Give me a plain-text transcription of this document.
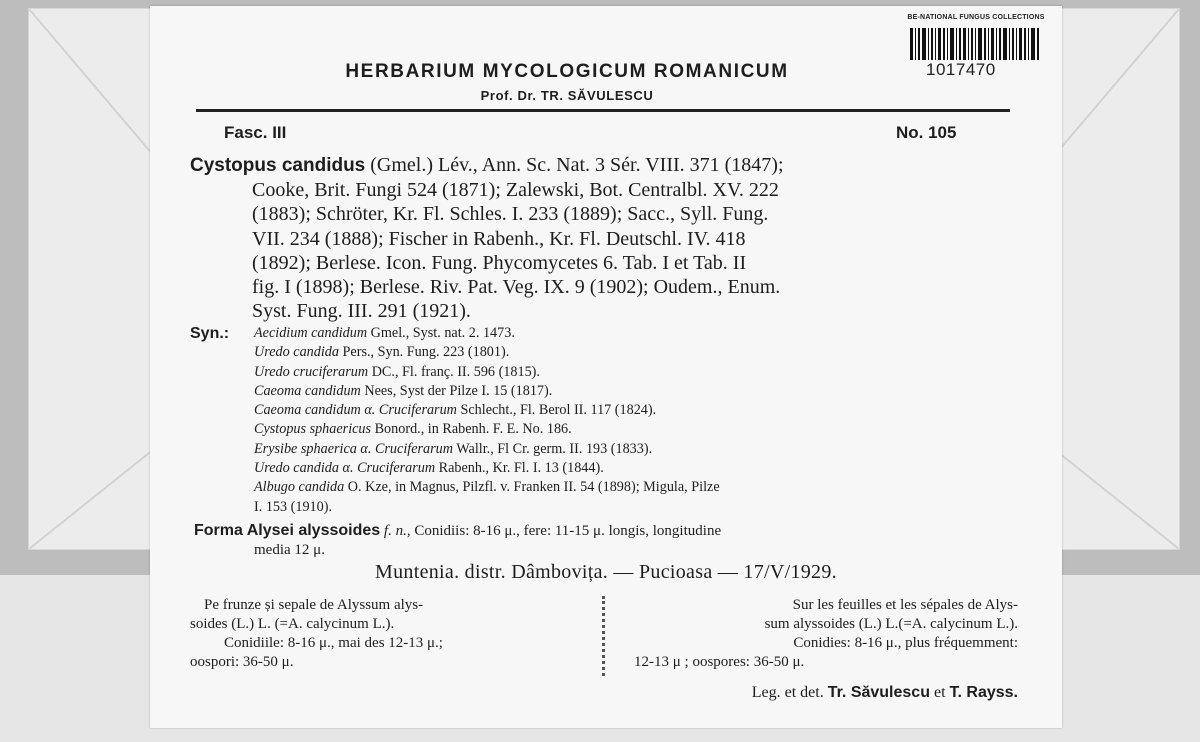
BE-NATIONAL FUNGUS COLLECTIONS
1017470
HERBARIUM MYCOLOGICUM ROMANICUM
Prof. Dr. TR. SĂVULESCU
Fasc. III	No. 105
Cystopus candidus (Gmel.) Lév., Ann. Sc. Nat. 3 Sér. VIII. 371 (1847);
Cooke, Brit. Fungi 524 (1871); Zalewski, Bot. Centralbl. XV. 222
(1883); Schröter, Kr. Fl. Schles. I. 233 (1889); Sacc., Syll. Fung.
VII. 234 (1888); Fischer in Rabenh., Kr. Fl. Deutschl. IV. 418
(1892); Berlese. Icon. Fung. Phycomycetes 6. Tab. I et Tab. II
fig. I (1898); Berlese. Riv. Pat. Veg. IX. 9 (1902); Oudem., Enum.
Syst. Fung. III. 291 (1921).
Syn.: Aecidium candidum Gmel., Syst. nat. 2. 1473.
Uredo candida Pers., Syn. Fung. 223 (1801).
Uredo cruciferarum DC., Fl. franç. II. 596 (1815).
Caeoma candidum Nees, Syst der Pilze I. 15 (1817).
Caeoma candidum α. Cruciferarum Schlecht., Fl. Berol II. 117 (1824).
Cystopus sphaericus Bonord., in Rabenh. F. E. No. 186.
Erysibe sphaerica α. Cruciferarum Wallr., Fl Cr. germ. II. 193 (1833).
Uredo candida α. Cruciferarum Rabenh., Kr. Fl. I. 13 (1844).
Albugo candida O. Kze, in Magnus, Pilzfl. v. Franken II. 54 (1898); Migula, Pilze
I. 153 (1910).
Forma Alysei alyssoides f. n., Conidiis: 8-16 μ., fere: 11-15 μ. longis, longitudine
media 12 μ.
Muntenia. distr. Dâmbovița. — Pucioasa — 17/V/1929.
Pe frunze și sepale de Alyssum alys-
soides (L.) L. (=A. calycinum L.).
Conidiile: 8-16 μ., mai des 12-13 μ.;
oospori: 36-50 μ.
Sur les feuilles et les sépales de Alys-
sum alyssoides (L.) L.(=A. calycinum L.).
Conidies: 8-16 μ., plus fréquemment:
12-13 μ ; oospores: 36-50 μ.
Leg. et det. Tr. Săvulescu et T. Rayss.
